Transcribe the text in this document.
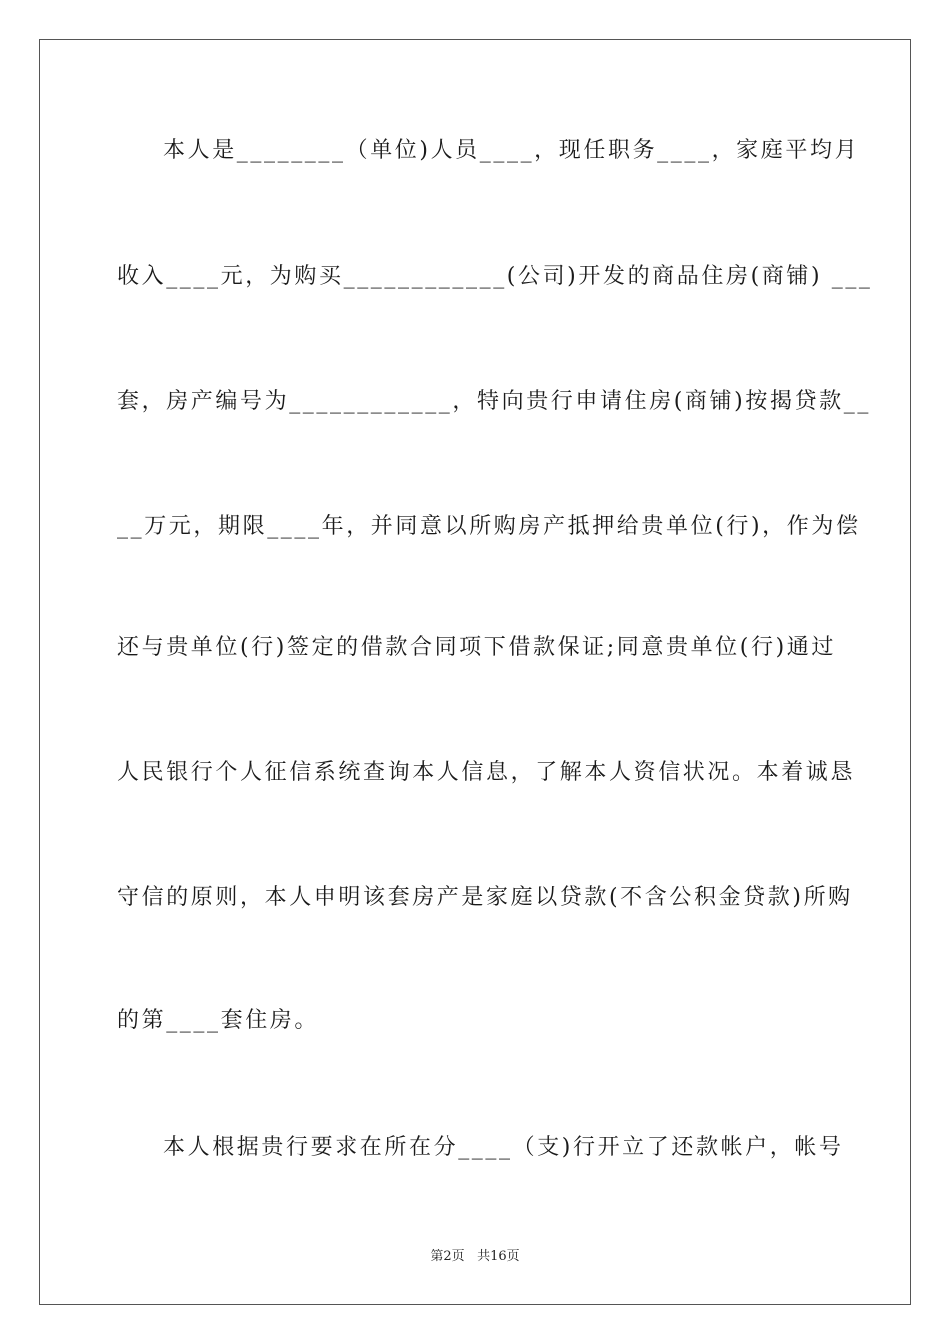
本人是________（单位)人员____，现任职务____，家庭平均月
收入____元，为购买____________(公司)开发的商品住房(商铺) ___
套，房产编号为____________，特向贵行申请住房(商铺)按揭贷款__
__万元，期限____年，并同意以所购房产抵押给贵单位(行)，作为偿
还与贵单位(行)签定的借款合同项下借款保证;同意贵单位(行)通过
人民银行个人征信系统查询本人信息，了解本人资信状况。本着诚恳
守信的原则，本人申明该套房产是家庭以贷款(不含公积金贷款)所购
的第____套住房。
本人根据贵行要求在所在分____（支)行开立了还款帐户，帐号
第2页 共16页
